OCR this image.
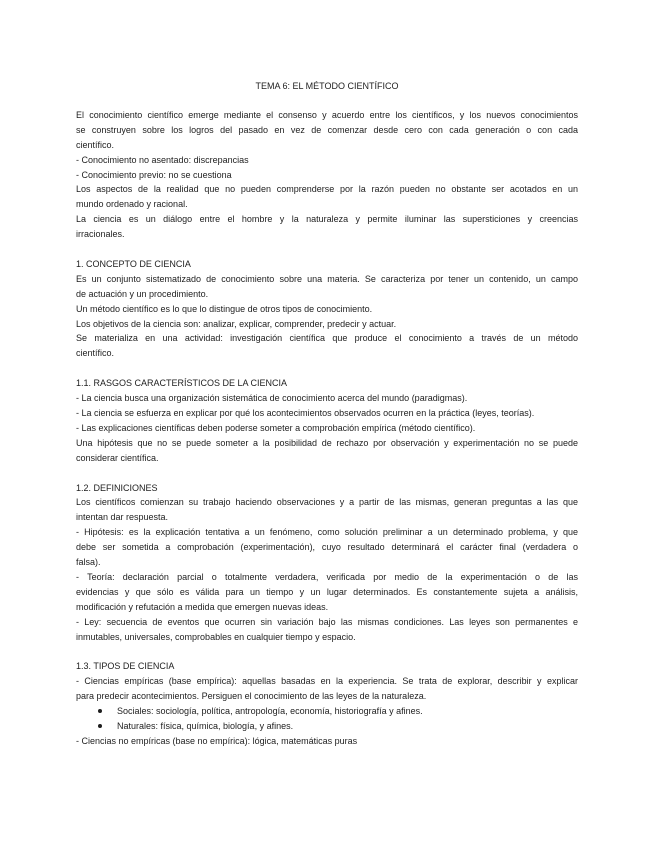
TEMA 6: EL MÉTODO CIENTÍFICO
El conocimiento científico emerge mediante el consenso y acuerdo entre los científicos, y los nuevos conocimientos
se construyen sobre los logros del pasado en vez de comenzar desde cero con cada generación o con cada
científico.
- Conocimiento no asentado: discrepancias
- Conocimiento previo: no se cuestiona
Los aspectos de la realidad que no pueden comprenderse por la razón pueden no obstante ser acotados en un
mundo ordenado y racional.
La ciencia es un diálogo entre el hombre y la naturaleza y permite iluminar las supersticiones y creencias
irracionales.
1. CONCEPTO DE CIENCIA
Es un conjunto sistematizado de conocimiento sobre una materia. Se caracteriza por tener un contenido, un campo
de actuación y un procedimiento.
Un método científico es lo que lo distingue de otros tipos de conocimiento.
Los objetivos de la ciencia son: analizar, explicar, comprender, predecir y actuar.
Se materializa en una actividad: investigación científica que produce el conocimiento a través de un método
científico.
1.1. RASGOS CARACTERÍSTICOS DE LA CIENCIA
- La ciencia busca una organización sistemática de conocimiento acerca del mundo (paradigmas).
- La ciencia se esfuerza en explicar por qué los acontecimientos observados ocurren en la práctica (leyes, teorías).
- Las explicaciones científicas deben poderse someter a comprobación empírica (método científico).
Una hipótesis que no se puede someter a la posibilidad de rechazo por observación y experimentación no se puede
considerar científica.
1.2. DEFINICIONES
Los científicos comienzan su trabajo haciendo observaciones y a partir de las mismas, generan preguntas a las que
intentan dar respuesta.
- Hipótesis: es la explicación tentativa a un fenómeno, como solución preliminar a un determinado problema, y que
debe ser sometida a comprobación (experimentación), cuyo resultado determinará el carácter final (verdadera o
falsa).
- Teoría: declaración parcial o totalmente verdadera, verificada por medio de la experimentación o de las
evidencias y que sólo es válida para un tiempo y un lugar determinados. Es constantemente sujeta a análisis,
modificación y refutación a medida que emergen nuevas ideas.
- Ley: secuencia de eventos que ocurren sin variación bajo las mismas condiciones. Las leyes son permanentes e
inmutables, universales, comprobables en cualquier tiempo y espacio.
1.3. TIPOS DE CIENCIA
- Ciencias empíricas (base empírica): aquellas basadas en la experiencia. Se trata de explorar, describir y explicar
para predecir acontecimientos. Persiguen el conocimiento de las leyes de la naturaleza.
Sociales: sociología, política, antropología, economía, historiografía y afines.
Naturales: física, química, biología, y afines.
- Ciencias no empíricas (base no empírica): lógica, matemáticas puras
